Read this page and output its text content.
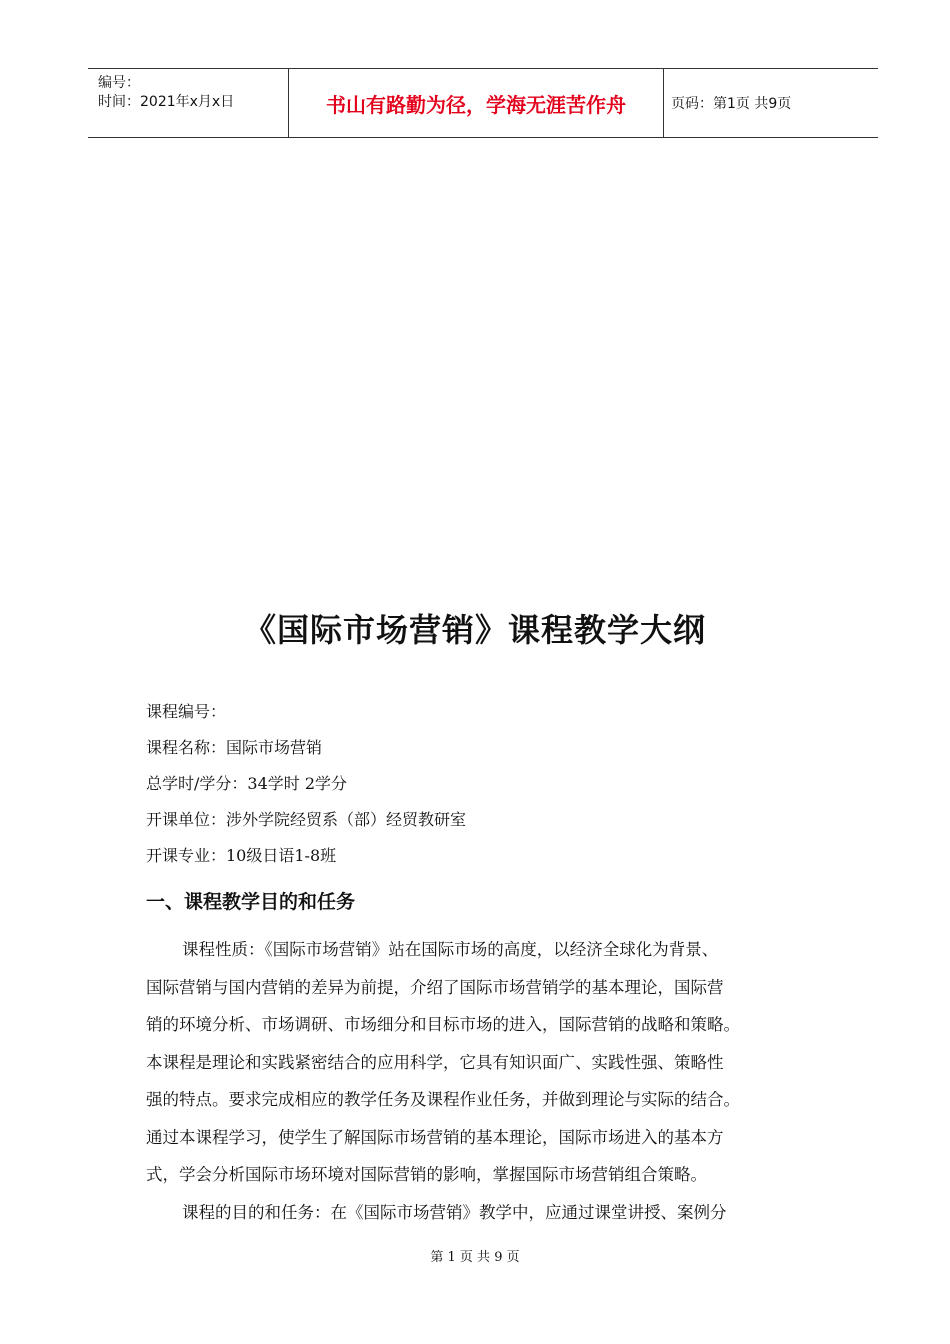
编号：
时间：2021年x月x日	书山有路勤为径，学海无涯苦作舟	页码：第1页 共9页
《国际市场营销》课程教学大纲
课程编号：
课程名称：国际市场营销
总学时/学分：34学时 2学分
开课单位：涉外学院经贸系（部）经贸教研室
开课专业：10级日语1-8班
一、课程教学目的和任务
课程性质：《国际市场营销》站在国际市场的高度，以经济全球化为背景、
国际营销与国内营销的差异为前提，介绍了国际市场营销学的基本理论，国际营
销的环境分析、市场调研、市场细分和目标市场的进入，国际营销的战略和策略。
本课程是理论和实践紧密结合的应用科学，它具有知识面广、实践性强、策略性
强的特点。要求完成相应的教学任务及课程作业任务，并做到理论与实际的结合。
通过本课程学习，使学生了解国际市场营销的基本理论，国际市场进入的基本方
式，学会分析国际市场环境对国际营销的影响，掌握国际市场营销组合策略。
课程的目的和任务：在《国际市场营销》教学中，应通过课堂讲授、案例分
第 1 页 共 9 页
